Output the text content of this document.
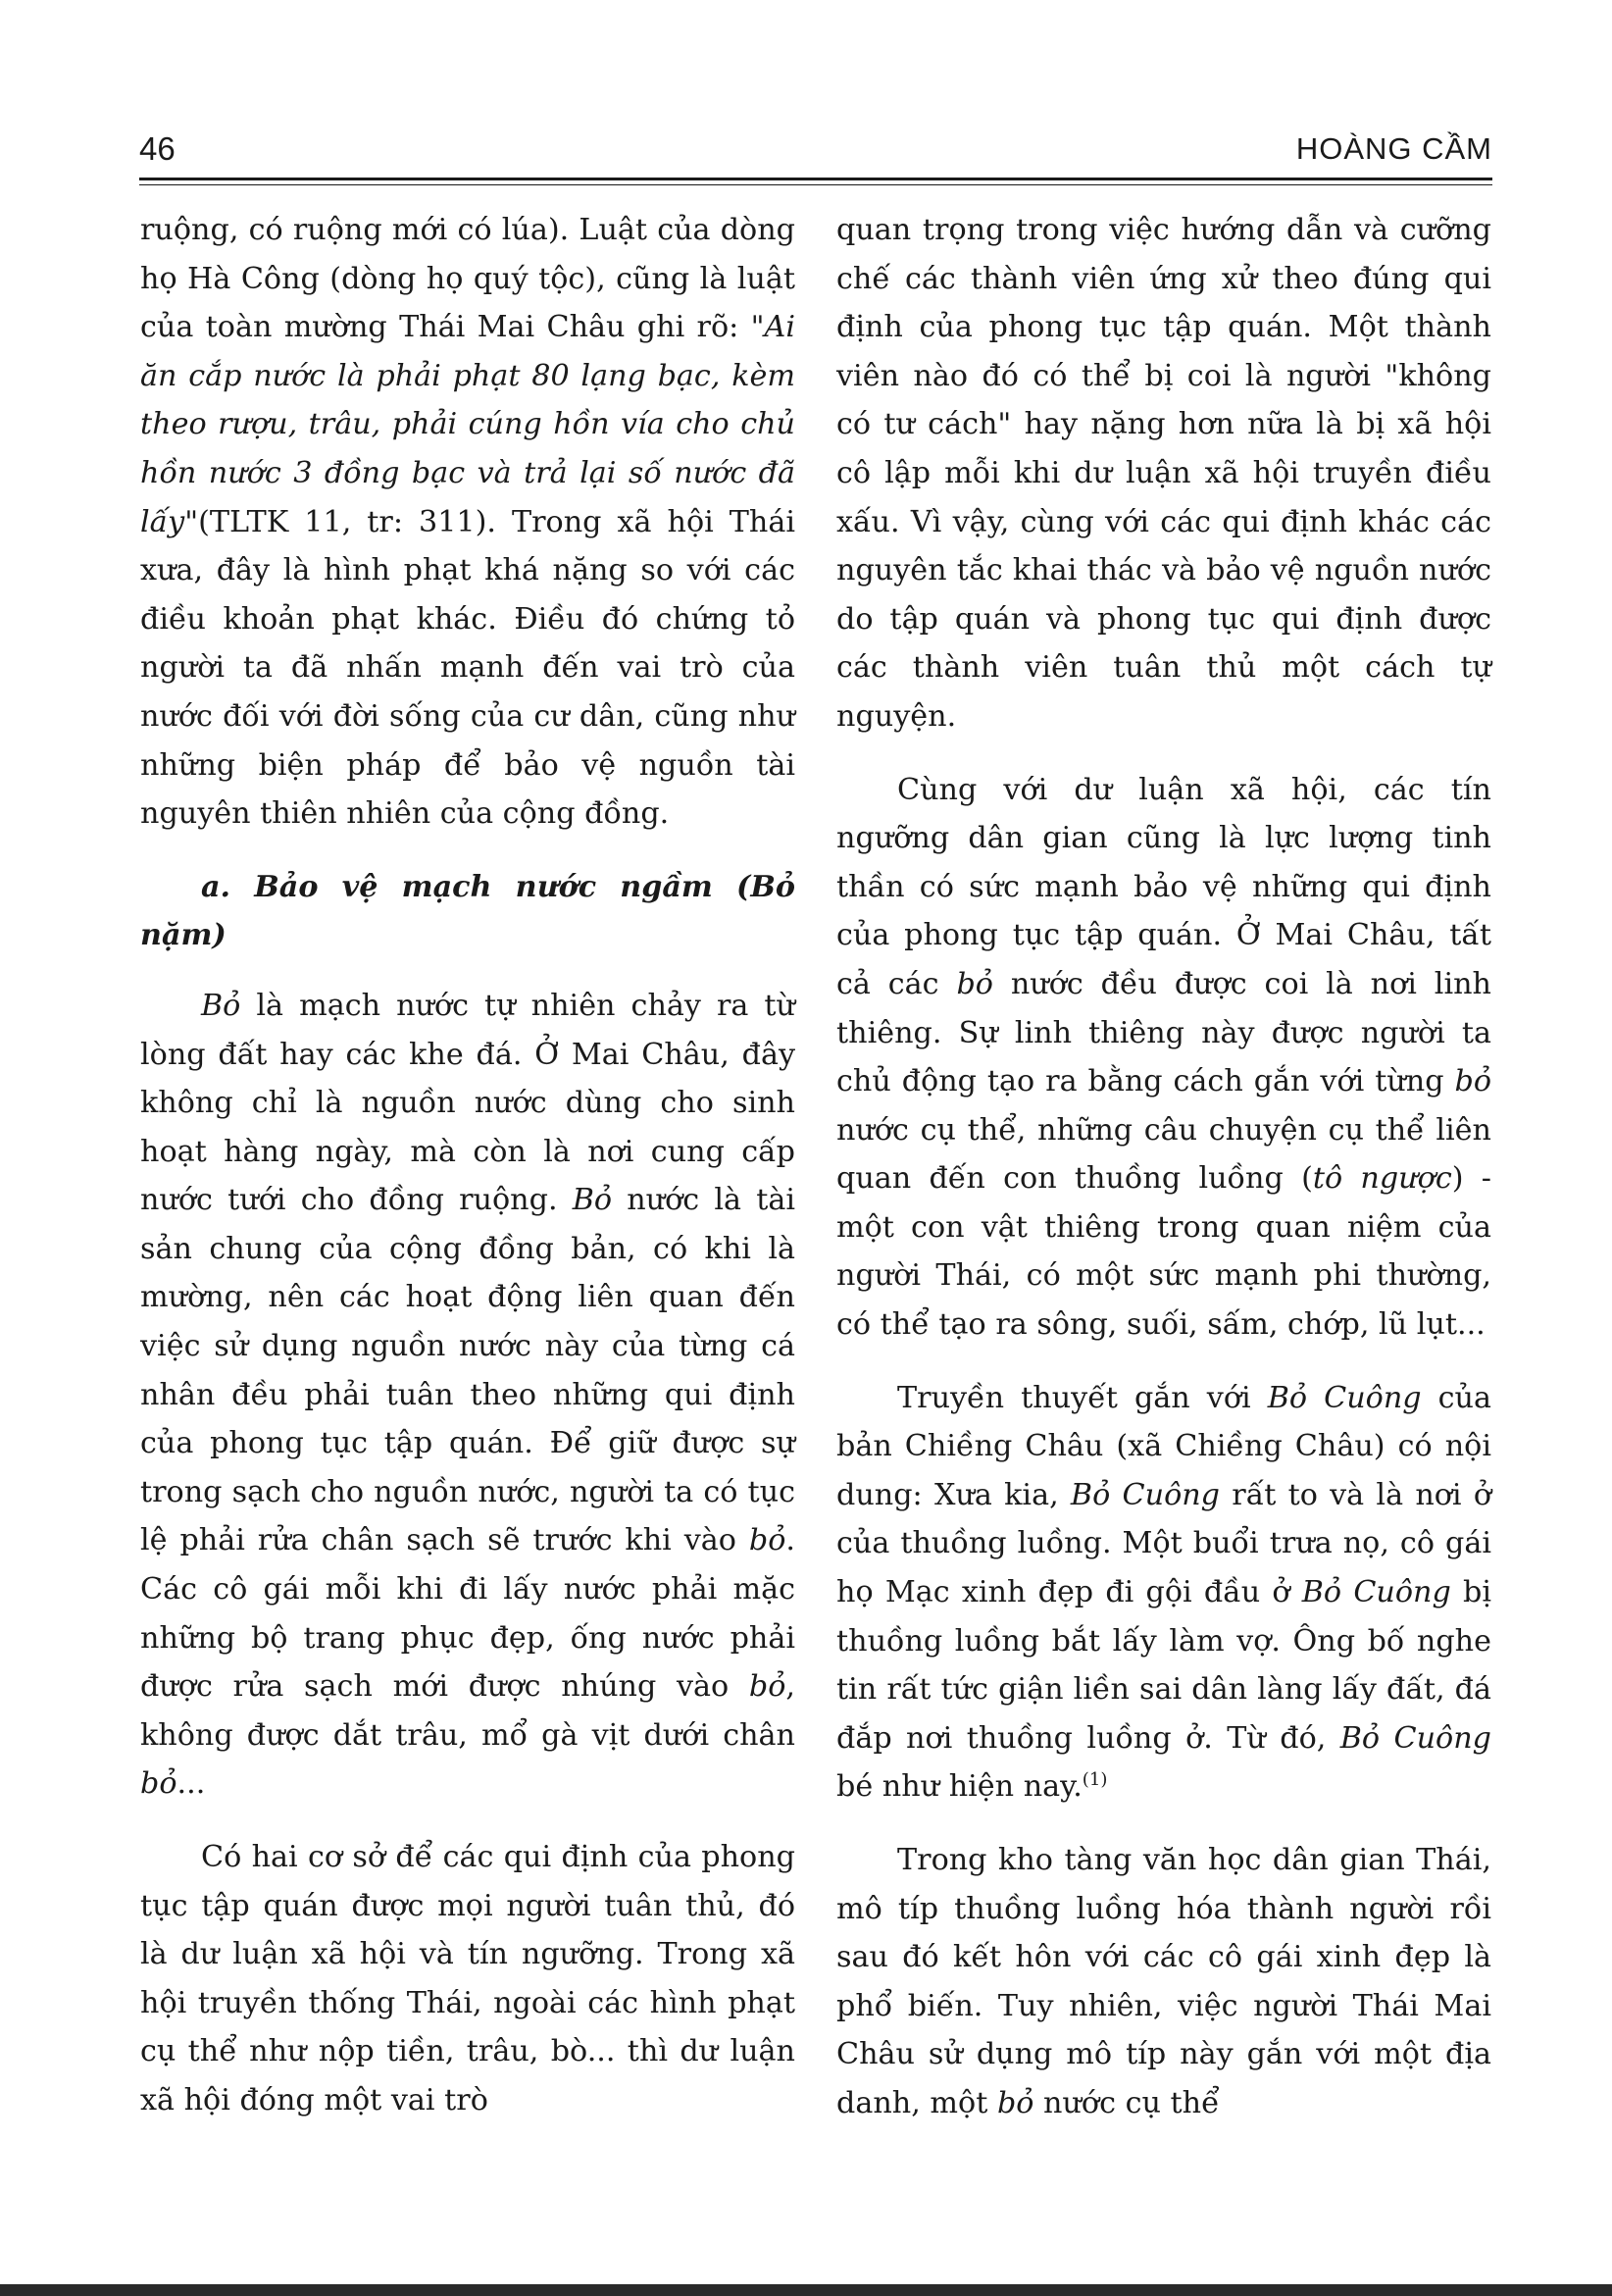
46	HOÀNG CẦM

ruộng, có ruộng mới có lúa). Luật của dòng họ Hà Công (dòng họ quý tộc), cũng là luật của toàn mường Thái Mai Châu ghi rõ: "Ai ăn cắp nước là phải phạt 80 lạng bạc, kèm theo rượu, trâu, phải cúng hồn vía cho chủ hồn nước 3 đồng bạc và trả lại số nước đã lấy"(TLTK 11, tr: 311). Trong xã hội Thái xưa, đây là hình phạt khá nặng so với các điều khoản phạt khác. Điều đó chứng tỏ người ta đã nhấn mạnh đến vai trò của nước đối với đời sống của cư dân, cũng như những biện pháp để bảo vệ nguồn tài nguyên thiên nhiên của cộng đồng.

a. Bảo vệ mạch nước ngầm (Bỏ nặm)

Bỏ là mạch nước tự nhiên chảy ra từ lòng đất hay các khe đá. Ở Mai Châu, đây không chỉ là nguồn nước dùng cho sinh hoạt hàng ngày, mà còn là nơi cung cấp nước tưới cho đồng ruộng. Bỏ nước là tài sản chung của cộng đồng bản, có khi là mường, nên các hoạt động liên quan đến việc sử dụng nguồn nước này của từng cá nhân đều phải tuân theo những qui định của phong tục tập quán. Để giữ được sự trong sạch cho nguồn nước, người ta có tục lệ phải rửa chân sạch sẽ trước khi vào bỏ. Các cô gái mỗi khi đi lấy nước phải mặc những bộ trang phục đẹp, ống nước phải được rửa sạch mới được nhúng vào bỏ, không được dắt trâu, mổ gà vịt dưới chân bỏ...

Có hai cơ sở để các qui định của phong tục tập quán được mọi người tuân thủ, đó là dư luận xã hội và tín ngưỡng. Trong xã hội truyền thống Thái, ngoài các hình phạt cụ thể như nộp tiền, trâu, bò... thì dư luận xã hội đóng một vai trò

quan trọng trong việc hướng dẫn và cưỡng chế các thành viên ứng xử theo đúng qui định của phong tục tập quán. Một thành viên nào đó có thể bị coi là người "không có tư cách" hay nặng hơn nữa là bị xã hội cô lập mỗi khi dư luận xã hội truyền điều xấu. Vì vậy, cùng với các qui định khác các nguyên tắc khai thác và bảo vệ nguồn nước do tập quán và phong tục qui định được các thành viên tuân thủ một cách tự nguyện.

Cùng với dư luận xã hội, các tín ngưỡng dân gian cũng là lực lượng tinh thần có sức mạnh bảo vệ những qui định của phong tục tập quán. Ở Mai Châu, tất cả các bỏ nước đều được coi là nơi linh thiêng. Sự linh thiêng này được người ta chủ động tạo ra bằng cách gắn với từng bỏ nước cụ thể, những câu chuyện cụ thể liên quan đến con thuồng luồng (tô ngược) - một con vật thiêng trong quan niệm của người Thái, có một sức mạnh phi thường, có thể tạo ra sông, suối, sấm, chớp, lũ lụt...

Truyền thuyết gắn với Bỏ Cuông của bản Chiềng Châu (xã Chiềng Châu) có nội dung: Xưa kia, Bỏ Cuông rất to và là nơi ở của thuồng luồng. Một buổi trưa nọ, cô gái họ Mạc xinh đẹp đi gội đầu ở Bỏ Cuông bị thuồng luồng bắt lấy làm vợ. Ông bố nghe tin rất tức giận liền sai dân làng lấy đất, đá đắp nơi thuồng luồng ở. Từ đó, Bỏ Cuông bé như hiện nay.$^{(1)}$

Trong kho tàng văn học dân gian Thái, mô típ thuồng luồng hóa thành người rồi sau đó kết hôn với các cô gái xinh đẹp là phổ biến. Tuy nhiên, việc người Thái Mai Châu sử dụng mô típ này gắn với một địa danh, một bỏ nước cụ thể
